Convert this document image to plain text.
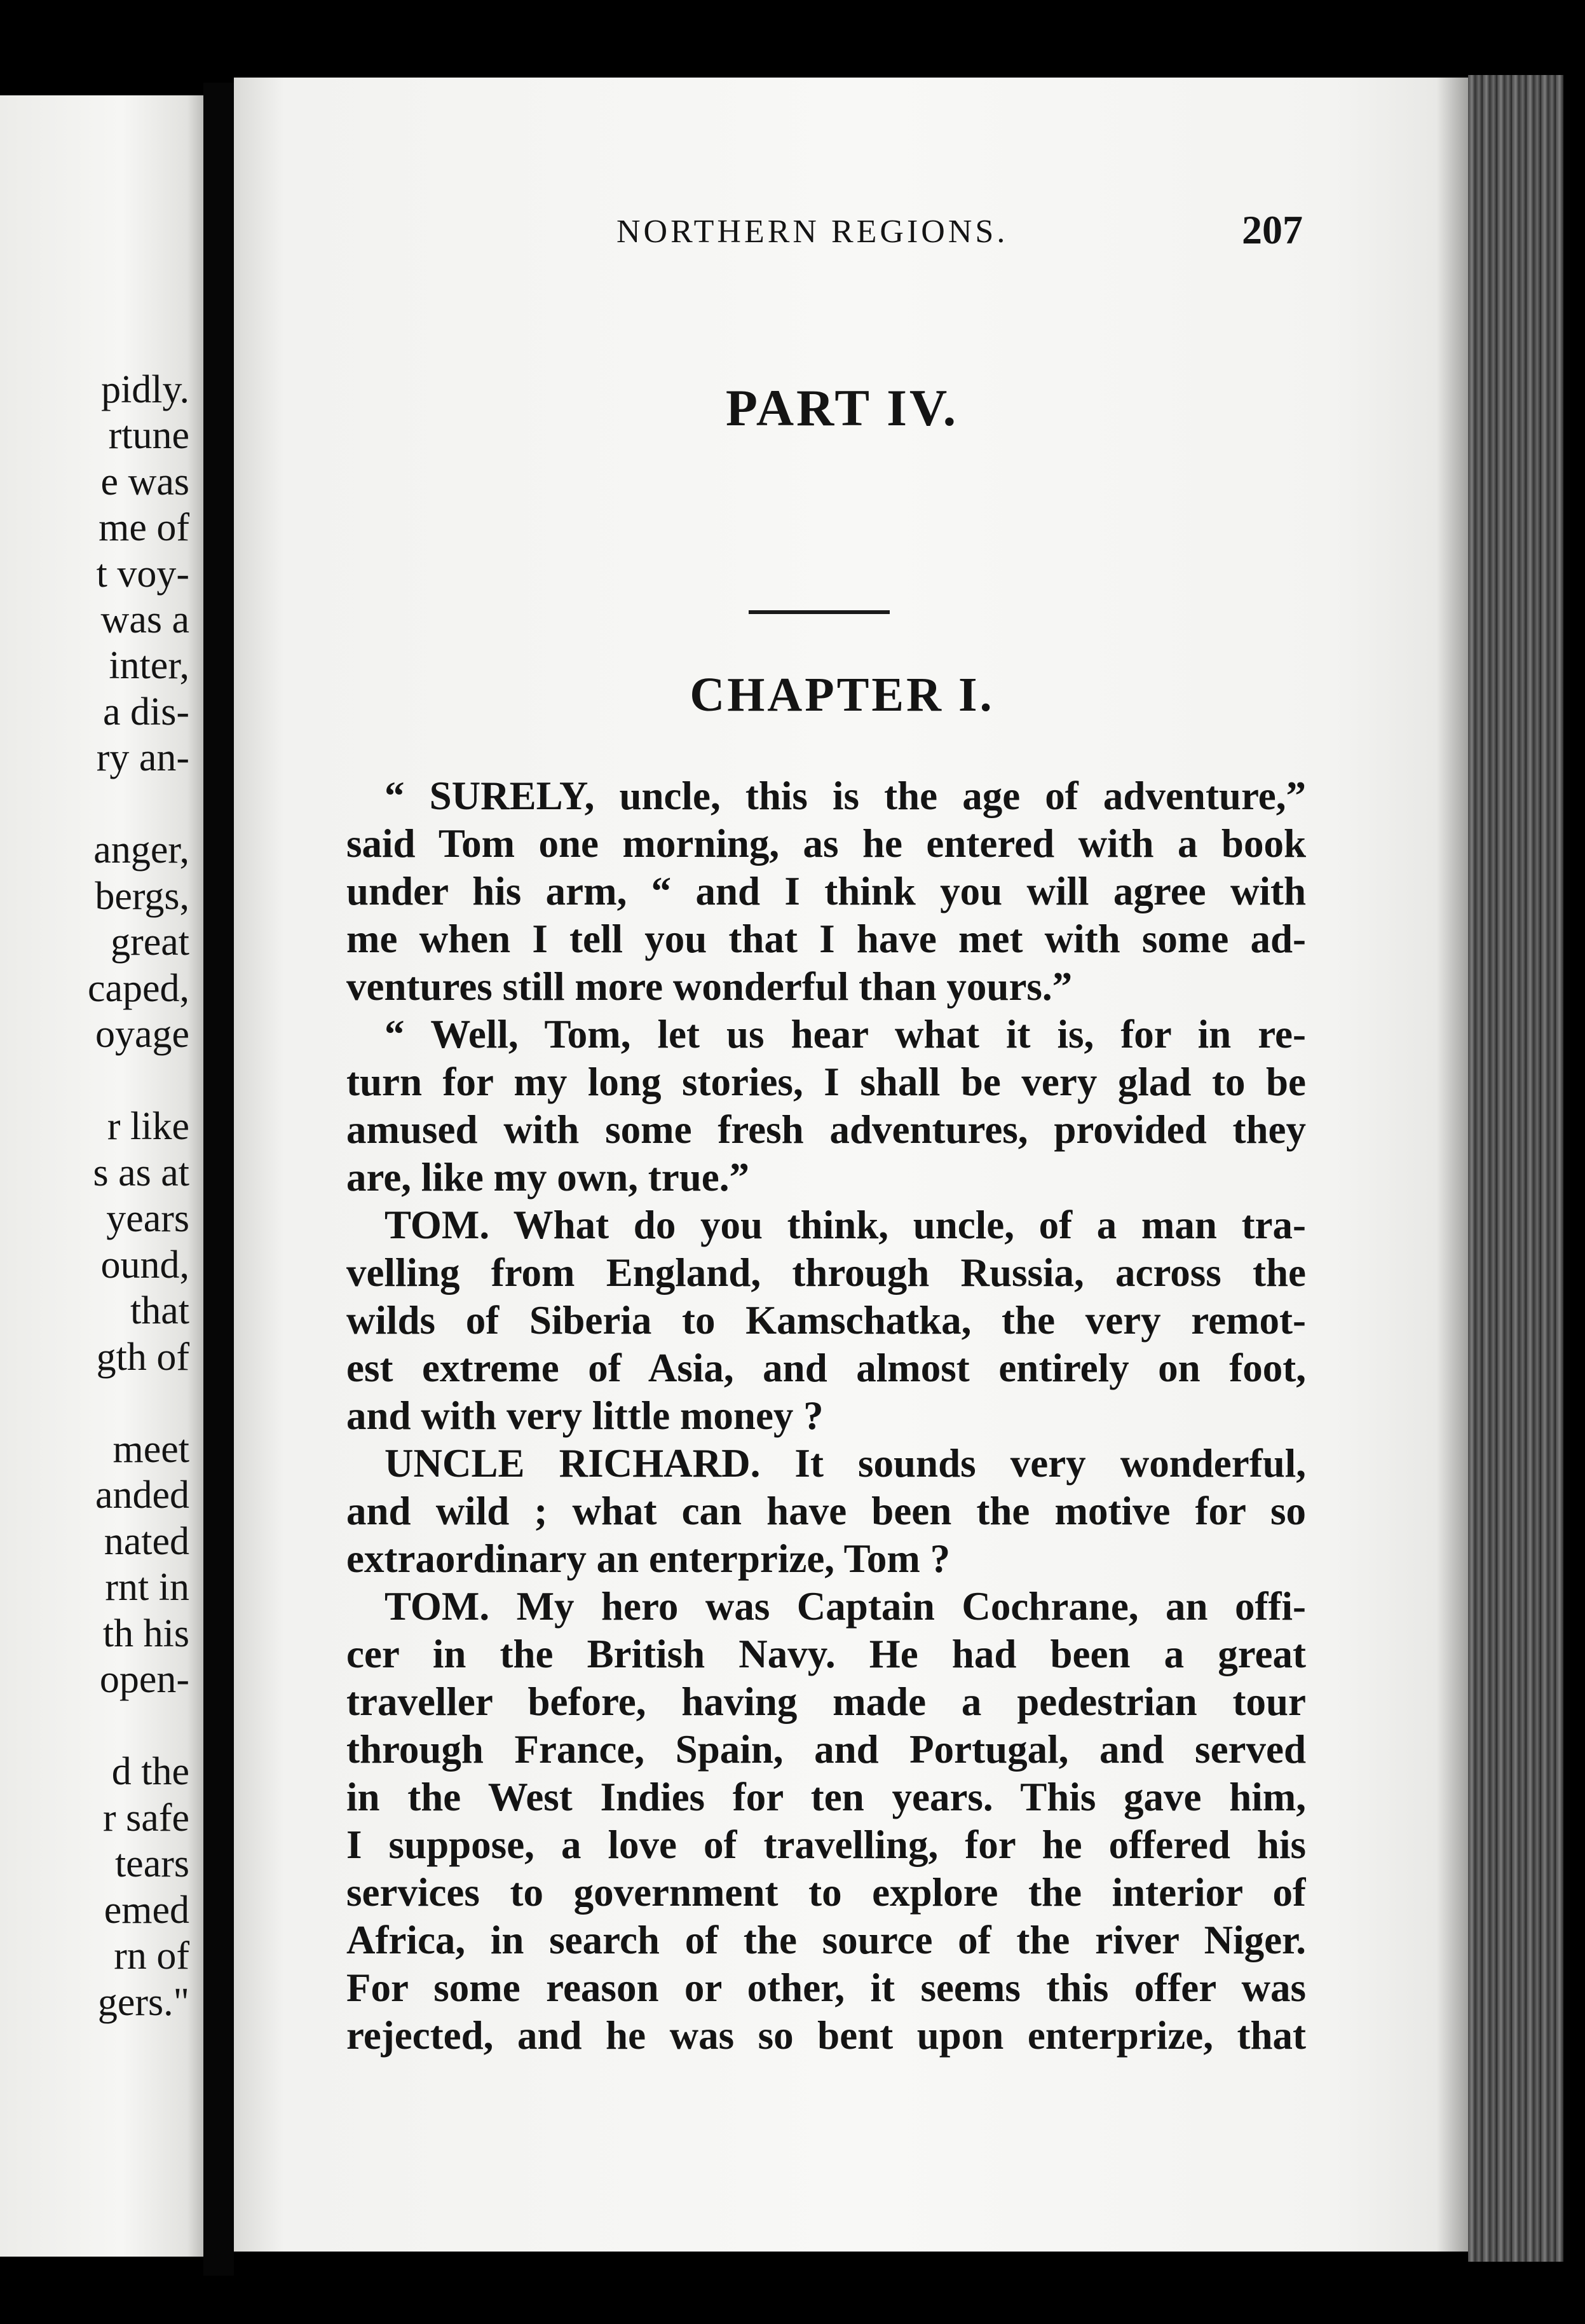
pidly.

rtune

e was

me of

t voy-

was a

inter,

a dis-

ry an-

anger,

bergs,

great

caped,

oyage

r like

s as at

years

ound,

that

gth of

meet

anded

nated

rnt in

th his

open-

d the

r safe

tears

emed

rn of

gers."

NORTHERN REGIONS.	207
PART IV.
CHAPTER I.

“ SURELY, uncle, this is the age of adventure,”

said Tom one morning, as he entered with a book

under his arm, “ and I think you will agree with

me when I tell you that I have met with some ad-

ventures still more wonderful than yours.”

“ Well, Tom, let us hear what it is, for in re-

turn for my long stories, I shall be very glad to be

amused with some fresh adventures, provided they

are, like my own, true.”

TOM. What do you think, uncle, of a man tra-

velling from England, through Russia, across the

wilds of Siberia to Kamschatka, the very remot-

est extreme of Asia, and almost entirely on foot,

and with very little money ?

UNCLE RICHARD. It sounds very wonderful,

and wild ; what can have been the motive for so

extraordinary an enterprize, Tom ?

TOM. My hero was Captain Cochrane, an offi-

cer in the British Navy. He had been a great

traveller before, having made a pedestrian tour

through France, Spain, and Portugal, and served

in the West Indies for ten years. This gave him,

I suppose, a love of travelling, for he offered his

services to government to explore the interior of

Africa, in search of the source of the river Niger.

For some reason or other, it seems this offer was

rejected, and he was so bent upon enterprize, that
